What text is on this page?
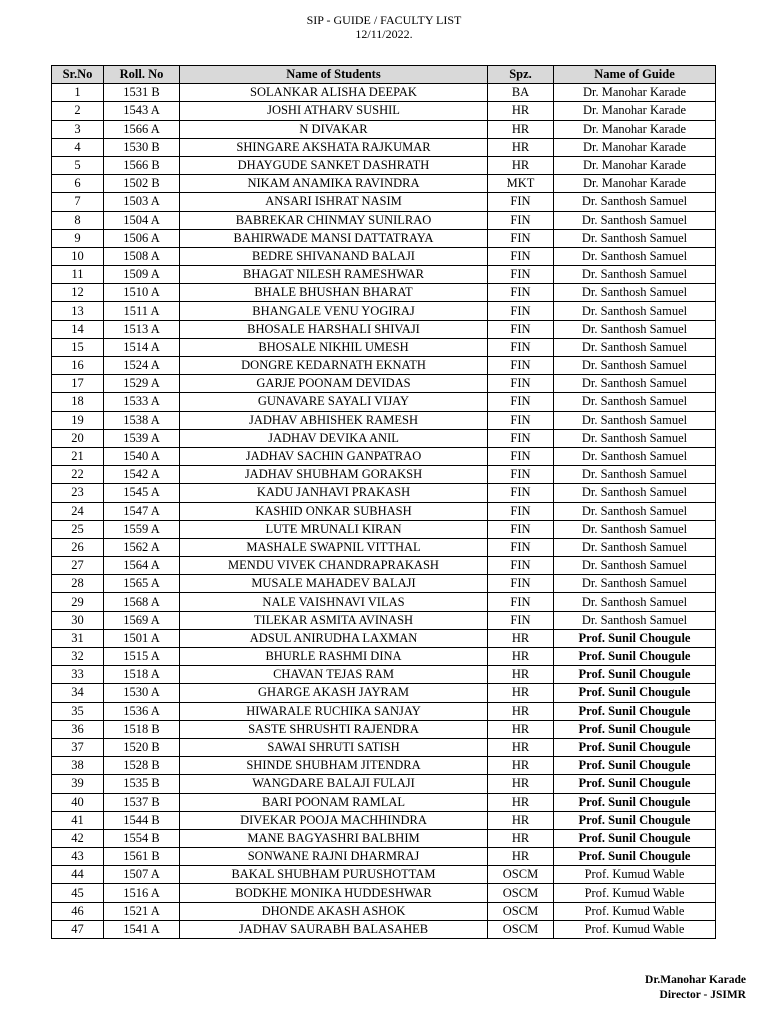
SIP - GUIDE / FACULTY LIST
12/11/2022.
Sr.No	Roll. No	Name of Students	Spz.	Name of Guide
1	1531 B	SOLANKAR ALISHA DEEPAK	BA	Dr. Manohar Karade
2	1543 A	JOSHI ATHARV SUSHIL	HR	Dr. Manohar Karade
3	1566 A	N DIVAKAR	HR	Dr. Manohar Karade
4	1530 B	SHINGARE AKSHATA RAJKUMAR	HR	Dr. Manohar Karade
5	1566 B	DHAYGUDE SANKET DASHRATH	HR	Dr. Manohar Karade
6	1502 B	NIKAM ANAMIKA RAVINDRA	MKT	Dr. Manohar Karade
7	1503 A	ANSARI ISHRAT NASIM	FIN	Dr. Santhosh Samuel
8	1504 A	BABREKAR CHINMAY SUNILRAO	FIN	Dr. Santhosh Samuel
9	1506 A	BAHIRWADE MANSI DATTATRAYA	FIN	Dr. Santhosh Samuel
10	1508 A	BEDRE SHIVANAND BALAJI	FIN	Dr. Santhosh Samuel
11	1509 A	BHAGAT NILESH RAMESHWAR	FIN	Dr. Santhosh Samuel
12	1510 A	BHALE BHUSHAN BHARAT	FIN	Dr. Santhosh Samuel
13	1511 A	BHANGALE VENU YOGIRAJ	FIN	Dr. Santhosh Samuel
14	1513 A	BHOSALE HARSHALI SHIVAJI	FIN	Dr. Santhosh Samuel
15	1514 A	BHOSALE NIKHIL UMESH	FIN	Dr. Santhosh Samuel
16	1524 A	DONGRE KEDARNATH EKNATH	FIN	Dr. Santhosh Samuel
17	1529 A	GARJE POONAM DEVIDAS	FIN	Dr. Santhosh Samuel
18	1533 A	GUNAVARE SAYALI VIJAY	FIN	Dr. Santhosh Samuel
19	1538 A	JADHAV ABHISHEK RAMESH	FIN	Dr. Santhosh Samuel
20	1539 A	JADHAV DEVIKA ANIL	FIN	Dr. Santhosh Samuel
21	1540 A	JADHAV SACHIN GANPATRAO	FIN	Dr. Santhosh Samuel
22	1542 A	JADHAV SHUBHAM GORAKSH	FIN	Dr. Santhosh Samuel
23	1545 A	KADU JANHAVI PRAKASH	FIN	Dr. Santhosh Samuel
24	1547 A	KASHID ONKAR SUBHASH	FIN	Dr. Santhosh Samuel
25	1559 A	LUTE MRUNALI KIRAN	FIN	Dr. Santhosh Samuel
26	1562 A	MASHALE SWAPNIL VITTHAL	FIN	Dr. Santhosh Samuel
27	1564 A	MENDU VIVEK CHANDRAPRAKASH	FIN	Dr. Santhosh Samuel
28	1565 A	MUSALE MAHADEV BALAJI	FIN	Dr. Santhosh Samuel
29	1568 A	NALE VAISHNAVI VILAS	FIN	Dr. Santhosh Samuel
30	1569 A	TILEKAR ASMITA AVINASH	FIN	Dr. Santhosh Samuel
31	1501 A	ADSUL ANIRUDHA LAXMAN	HR	Prof. Sunil Chougule
32	1515 A	BHURLE RASHMI DINA	HR	Prof. Sunil Chougule
33	1518 A	CHAVAN TEJAS RAM	HR	Prof. Sunil Chougule
34	1530 A	GHARGE AKASH JAYRAM	HR	Prof. Sunil Chougule
35	1536 A	HIWARALE RUCHIKA SANJAY	HR	Prof. Sunil Chougule
36	1518 B	SASTE SHRUSHTI RAJENDRA	HR	Prof. Sunil Chougule
37	1520 B	SAWAI SHRUTI SATISH	HR	Prof. Sunil Chougule
38	1528 B	SHINDE SHUBHAM JITENDRA	HR	Prof. Sunil Chougule
39	1535 B	WANGDARE BALAJI FULAJI	HR	Prof. Sunil Chougule
40	1537 B	BARI POONAM RAMLAL	HR	Prof. Sunil Chougule
41	1544 B	DIVEKAR POOJA MACHHINDRA	HR	Prof. Sunil Chougule
42	1554 B	MANE BAGYASHRI BALBHIM	HR	Prof. Sunil Chougule
43	1561 B	SONWANE RAJNI DHARMRAJ	HR	Prof. Sunil Chougule
44	1507 A	BAKAL SHUBHAM PURUSHOTTAM	OSCM	Prof. Kumud Wable
45	1516 A	BODKHE MONIKA HUDDESHWAR	OSCM	Prof. Kumud Wable
46	1521 A	DHONDE AKASH ASHOK	OSCM	Prof. Kumud Wable
47	1541 A	JADHAV SAURABH BALASAHEB	OSCM	Prof. Kumud Wable
Dr.Manohar Karade
Director - JSIMR
